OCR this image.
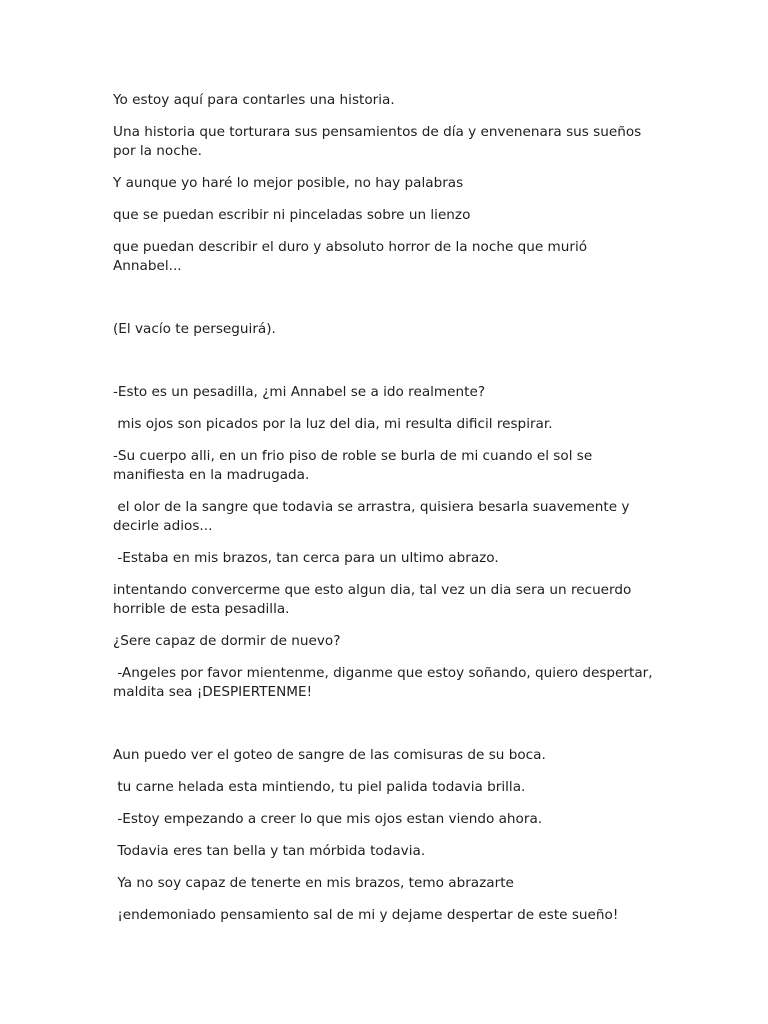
Yo estoy aquí para contarles una historia.

Una historia que torturara sus pensamientos de día y envenenara sus sueños por la noche.

Y aunque yo haré lo mejor posible, no hay palabras

que se puedan escribir ni pinceladas sobre un lienzo

que puedan describir el duro y absoluto horror de la noche que murió Annabel...

(El vacío te perseguirá).

-Esto es un pesadilla, ¿mi Annabel se a ido realmente?

mis ojos son picados por la luz del dia, mi resulta dificil respirar.

-Su cuerpo alli, en un frio piso de roble se burla de mi cuando el sol se manifiesta en la madrugada.

el olor de la sangre que todavia se arrastra, quisiera besarla suavemente y decirle adios...

-Estaba en mis brazos, tan cerca para un ultimo abrazo.

intentando convercerme que esto algun dia, tal vez un dia sera un recuerdo horrible de esta pesadilla.

¿Sere capaz de dormir de nuevo?

-Angeles por favor mientenme, diganme que estoy soñando, quiero despertar, maldita sea ¡DESPIERTENME!

Aun puedo ver el goteo de sangre de las comisuras de su boca.

tu carne helada esta mintiendo, tu piel palida todavia brilla.

-Estoy empezando a creer lo que mis ojos estan viendo ahora.

Todavia eres tan bella y tan mórbida todavia.

Ya no soy capaz de tenerte en mis brazos, temo abrazarte

¡endemoniado pensamiento sal de mi y dejame despertar de este sueño!
